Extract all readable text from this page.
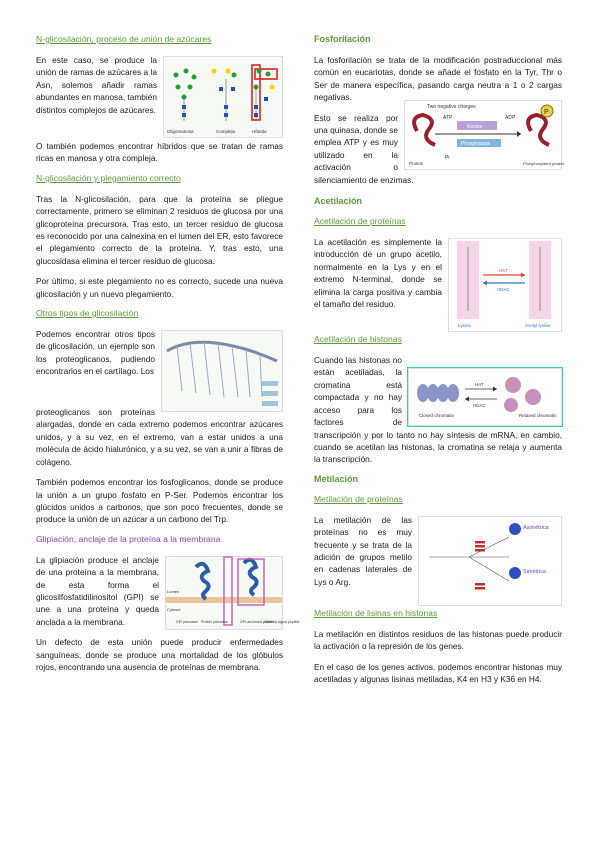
N-glicosilación, proceso de unión de azúcares
Oligomanosa	Compleja	Híbrida

En este caso, se produce la unión de ramas de azúcares a la Asn, solemos añadir ramas abundantes en manosa, también distintos complejos de azúcares.

O también podemos encontrar híbridos que se tratan de ramas ricas en manosa y otra compleja.

N-glicosilación y plegamiento correcto

Tras la N-glicosilación, para que la proteína se pliegue correctamente, primero se eliminan 2 residuos de glucosa por una glicoproteína precursora. Tras esto, un tercer residuo de glucosa es reconocido por una calnexina en el lumen del ER, esto favorece el plegamiento correcto de la proteína. Y, tras esto, una glucosidasa elimina el tercer residuo de glucosa.

Por último, si este plegamiento no es correcto, sucede una nueva glicosilación y un nuevo plegamiento.

Otros tipos de glicosilación

Podemos encontrar otros tipos de glicosilación, un ejemplo son los proteoglicanos, pudiendo encontrarlos en el cartílago. Los

proteoglicanos son proteínas alargadas, donde en cada extremo podemos encontrar azúcares unidos, y a su vez, en el extremo, van a estar unidos a una molécula de ácido hialurónico, y a su vez, se van a unir a fibras de colágeno.

También podemos encontrar los fosfoglicanos, donde se produce la unión a un grupo fosfato en P-Ser. Podemos encontrar los glúcidos unidos a carbonos, que son poco frecuentes, donde se produce la unión de un azúcar a un carbono del Trp.

Glipiación, anclaje de la proteína a la membrana
Lumen
Cytosol
GPI precursor Protein precursor	GPI-anchored protein
Cleaved signal peptide

La glipiación produce el anclaje de una proteína a la membrana, de esta forma el glicosilfosfatidilinositol (GPI) se une a una proteína y queda anclada a la membrana.

Un defecto de esta unión puede producir enfermedades sanguíneas, donde se produce una mortalidad de los glóbulos rojos, encontrando una ausencia de proteínas de membrana.

Fosforilación

La fosforilación se trata de la modificación postraduccional más común en eucariotas, donde se añade el fosfato en la Tyr, Thr o Ser de manera específica, pasando carga neutra a 1 o 2 cargas negativas.

Two negative charges
P
Kinase
Phosphatase
ATP	ADP
Pi
Protein	Phosphorylated protein

Esto se realiza por una quinasa, donde se emplea ATP y es muy utilizado en la activación o silenciamiento de enzimas.

Acetilación
Acetilación de proteínas
HAT
HDAC
Lysine	Acetyl lysine

La acetilación es simplemente la introducción de un grupo acetilo, normalmente en la Lys y en el extremo N-terminal, donde se elimina la carga positiva y cambia el tamaño del residuo.

Acetilación de histonas
HAT
HDAC
Closed chromatin	Relaxed chromatin

Cuando las histonas no están acetiladas, la cromatina está compactada y no hay acceso para los factores de transcripción y por lo tanto no hay síntesis de mRNA, en cambio, cuando se acetilan las histonas, la cromatina se relaja y aumenta la transcripción.

Metilación
Metilación de proteínas
Asimétrica
Simétrica

La metilación de las proteínas no es muy frecuente y se trata de la adición de grupos metilo en cadenas laterales de Lys o Arg.

Metilación de lisinas en histonas

La metilación en distintos residuos de las histonas puede producir la activación o la represión de los genes.

En el caso de los genes activos, podemos encontrar histonas muy acetiladas y algunas lisinas metiladas, K4 en H3 y K36 en H4.
